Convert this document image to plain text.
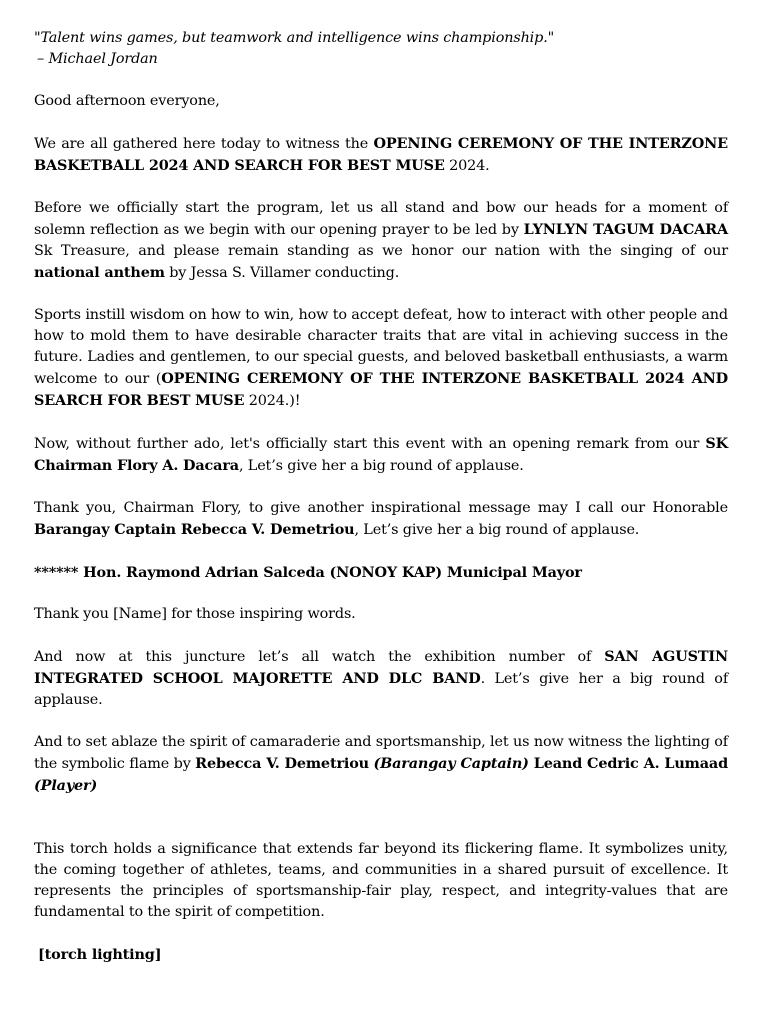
"Talent wins games, but teamwork and intelligence wins championship."

– Michael Jordan

Good afternoon everyone,

We are all gathered here today to witness the OPENING CEREMONY OF THE INTERZONE BASKETBALL 2024 AND SEARCH FOR BEST MUSE 2024.

Before we officially start the program, let us all stand and bow our heads for a moment of solemn reflection as we begin with our opening prayer to be led by LYNLYN TAGUM DACARA Sk Treasure, and please remain standing as we honor our nation with the singing of our national anthem by Jessa S. Villamer conducting.

Sports instill wisdom on how to win, how to accept defeat, how to interact with other people and how to mold them to have desirable character traits that are vital in achieving success in the future. Ladies and gentlemen, to our special guests, and beloved basketball enthusiasts, a warm welcome to our (OPENING CEREMONY OF THE INTERZONE BASKETBALL 2024 AND SEARCH FOR BEST MUSE 2024.)!

Now, without further ado, let's officially start this event with an opening remark from our SK Chairman Flory A. Dacara, Let’s give her a big round of applause.

Thank you, Chairman Flory, to give another inspirational message may I call our Honorable Barangay Captain Rebecca V. Demetriou, Let’s give her a big round of applause.

****** Hon. Raymond Adrian Salceda (NONOY KAP) Municipal Mayor

Thank you [Name] for those inspiring words.

And now at this juncture let’s all watch the exhibition number of SAN AGUSTIN INTEGRATED SCHOOL MAJORETTE AND DLC BAND. Let’s give her a big round of applause.

And to set ablaze the spirit of camaraderie and sportsmanship, let us now witness the lighting of the symbolic flame by Rebecca V. Demetriou (Barangay Captain) Leand Cedric A. Lumaad (Player)

This torch holds a significance that extends far beyond its flickering flame. It symbolizes unity, the coming together of athletes, teams, and communities in a shared pursuit of excellence. It represents the principles of sportsmanship-fair play, respect, and integrity-values that are fundamental to the spirit of competition.

[torch lighting]
